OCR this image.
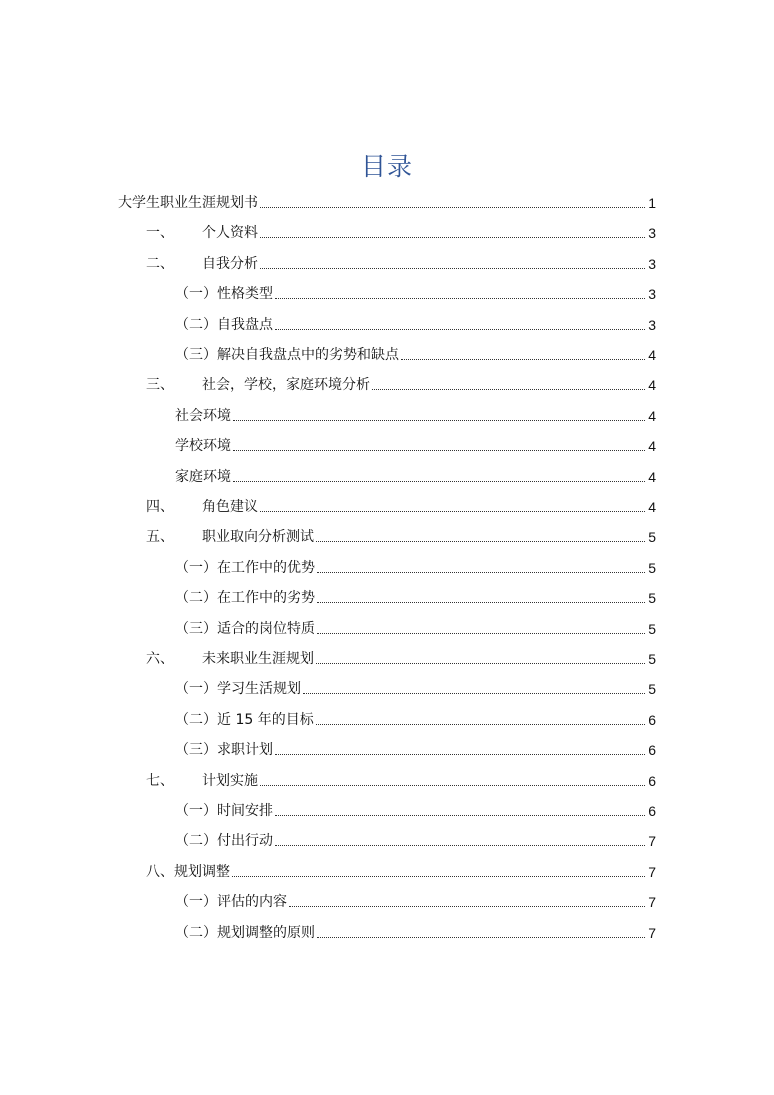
目录
大学生职业生涯规划书	1
一、	个人资料	3
二、	自我分析	3
（一）性格类型	3
（二）自我盘点	3
（三）解决自我盘点中的劣势和缺点	4
三、	社会，学校，家庭环境分析	4
社会环境	4
学校环境	4
家庭环境	4
四、	角色建议	4
五、	职业取向分析测试	5
（一）在工作中的优势	5
（二）在工作中的劣势	5
（三）适合的岗位特质	5
六、	未来职业生涯规划	5
（一）学习生活规划	5
（二）近 15 年的目标	6
（三）求职计划	6
七、	计划实施	6
（一）时间安排	6
（二）付出行动	7
八、规划调整	7
（一）评估的内容	7
（二）规划调整的原则	7
